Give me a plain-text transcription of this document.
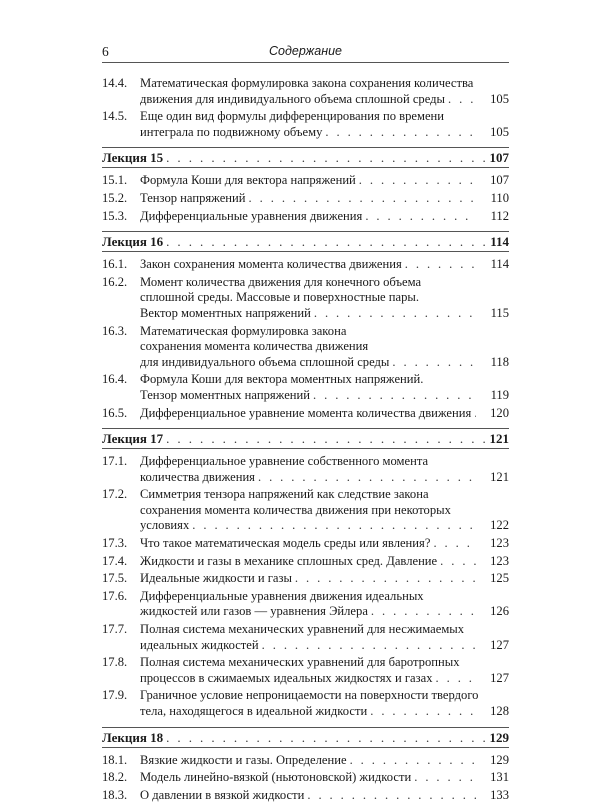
6	Содержание
14.4. Математическая формулировка закона сохранения количества
движения для индивидуального объема сплошной среды . . .	105
14.5. Еще один вид формулы дифференцирования по времени
интеграла по подвижному объему . . .	105
Лекция 15 . . .	107
15.1. Формула Коши для вектора напряжений . . .	107
15.2. Тензор напряжений . . .	110
15.3. Дифференциальные уравнения движения . . .	112
Лекция 16 . . .	114
16.1. Закон сохранения момента количества движения . . .	114
16.2. Момент количества движения для конечного объема
сплошной среды. Массовые и поверхностные пары.
Вектор моментных напряжений . . .	115
16.3. Математическая формулировка закона
сохранения момента количества движения
для индивидуального объема сплошной среды . . .	118
16.4. Формула Коши для вектора моментных напряжений.
Тензор моментных напряжений . . .	119
16.5. Дифференциальное уравнение момента количества движения . . . 120
Лекция 17 . . .	121
17.1. Дифференциальное уравнение собственного момента
количества движения . . .	121
17.2. Симметрия тензора напряжений как следствие закона
сохранения момента количества движения при некоторых
условиях . . .	122
17.3. Что такое математическая модель среды или явления? . . .	123
17.4. Жидкости и газы в механике сплошных сред. Давление . . .	123
17.5. Идеальные жидкости и газы . . .	125
17.6. Дифференциальные уравнения движения идеальных
жидкостей или газов — уравнения Эйлера . . .	126
17.7. Полная система механических уравнений для несжимаемых
идеальных жидкостей . . .	127
17.8. Полная система механических уравнений для баротропных
процессов в сжимаемых идеальных жидкостях и газах . . .	127
17.9. Граничное условие непроницаемости на поверхности твердого
тела, находящегося в идеальной жидкости . . .	128
Лекция 18 . . .	129
18.1. Вязкие жидкости и газы. Определение . . .	129
18.2. Модель линейно-вязкой (ньютоновской) жидкости . . .	131
18.3. О давлении в вязкой жидкости . . .	133
